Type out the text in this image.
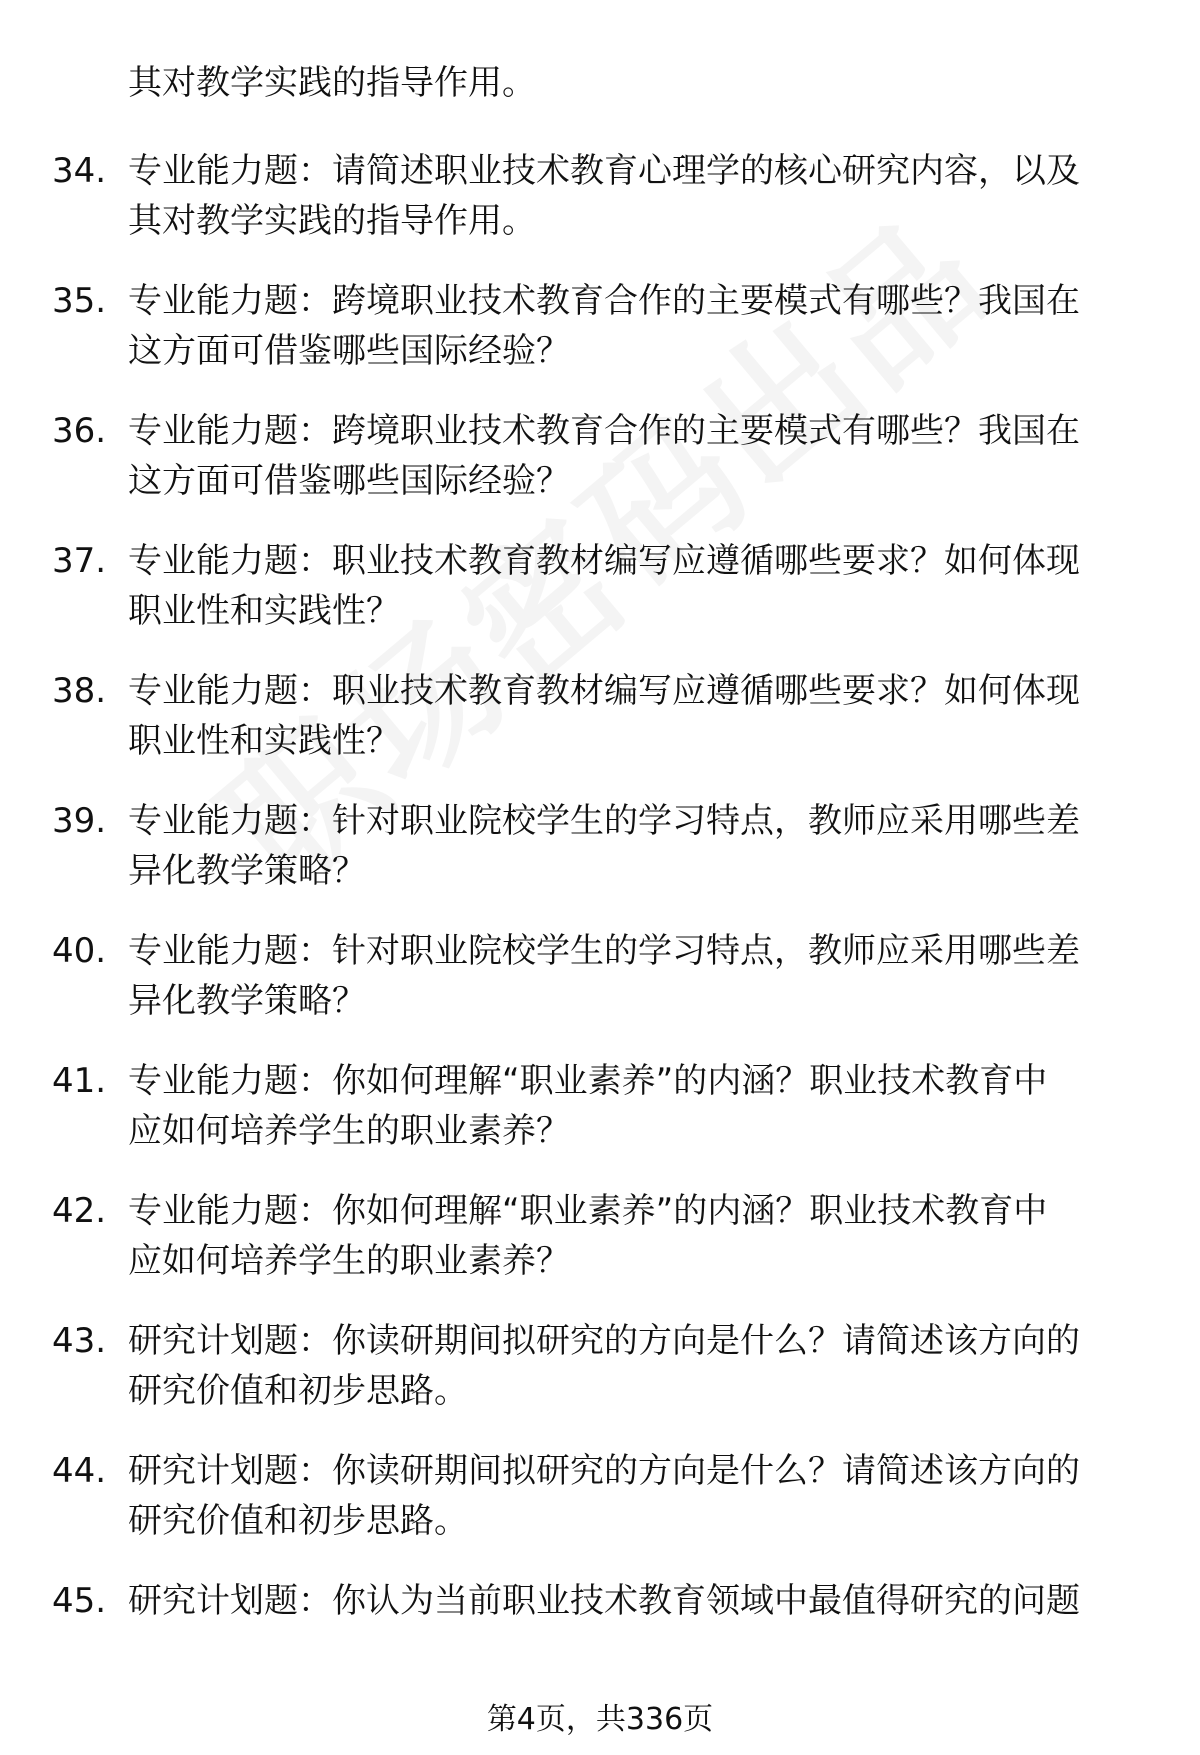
其对教学实践的指导作用。
34. 专业能力题：请简述职业技术教育心理学的核心研究内容，以及
其对教学实践的指导作用。
35. 专业能力题：跨境职业技术教育合作的主要模式有哪些？我国在
这方面可借鉴哪些国际经验？
36. 专业能力题：跨境职业技术教育合作的主要模式有哪些？我国在
这方面可借鉴哪些国际经验？
37. 专业能力题：职业技术教育教材编写应遵循哪些要求？如何体现
职业性和实践性？
38. 专业能力题：职业技术教育教材编写应遵循哪些要求？如何体现
职业性和实践性？
39. 专业能力题：针对职业院校学生的学习特点，教师应采用哪些差
异化教学策略？
40. 专业能力题：针对职业院校学生的学习特点，教师应采用哪些差
异化教学策略？
41. 专业能力题：你如何理解“职业素养”的内涵？职业技术教育中
应如何培养学生的职业素养？
42. 专业能力题：你如何理解“职业素养”的内涵？职业技术教育中
应如何培养学生的职业素养？
43. 研究计划题：你读研期间拟研究的方向是什么？请简述该方向的
研究价值和初步思路。
44. 研究计划题：你读研期间拟研究的方向是什么？请简述该方向的
研究价值和初步思路。
45. 研究计划题：你认为当前职业技术教育领域中最值得研究的问题
第4页，共336页
